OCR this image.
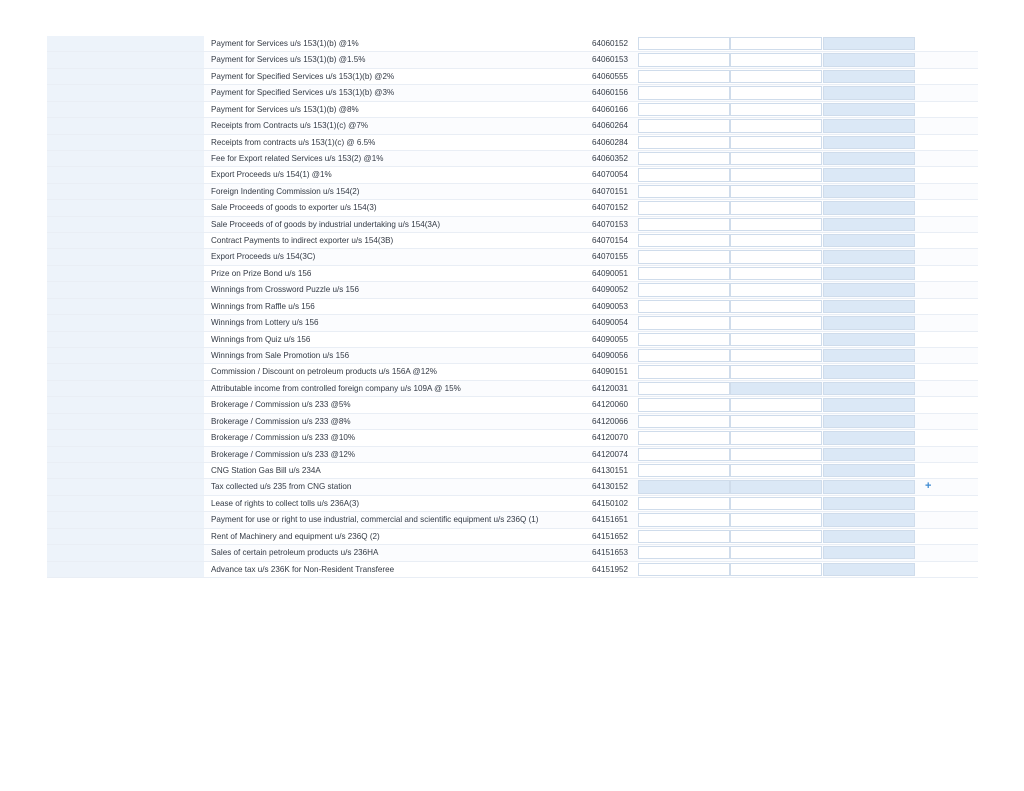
Payment for Services u/s 153(1)(b) @1%	64060152
Payment for Services u/s 153(1)(b) @1.5%	64060153
Payment for Specified Services u/s 153(1)(b) @2%	64060555
Payment for Specified Services u/s 153(1)(b) @3%	64060156
Payment for Services u/s 153(1)(b) @8%	64060166
Receipts from Contracts u/s 153(1)(c) @7%	64060264
Receipts from contracts u/s 153(1)(c) @ 6.5%	64060284
Fee for Export related Services u/s 153(2) @1%	64060352
Export Proceeds u/s 154(1) @1%	64070054
Foreign Indenting Commission u/s 154(2)	64070151
Sale Proceeds of goods to exporter u/s 154(3)	64070152
Sale Proceeds of of goods by industrial undertaking u/s 154(3A)	64070153
Contract Payments to indirect exporter u/s 154(3B)	64070154
Export Proceeds u/s 154(3C)	64070155
Prize on Prize Bond u/s 156	64090051
Winnings from Crossword Puzzle u/s 156	64090052
Winnings from Raffle u/s 156	64090053
Winnings from Lottery u/s 156	64090054
Winnings from Quiz u/s 156	64090055
Winnings from Sale Promotion u/s 156	64090056
Commission / Discount on petroleum products u/s 156A @12%	64090151
Attributable income from controlled foreign company u/s 109A @ 15%	64120031
Brokerage / Commission u/s 233 @5%	64120060
Brokerage / Commission u/s 233 @8%	64120066
Brokerage / Commission u/s 233 @10%	64120070
Brokerage / Commission u/s 233 @12%	64120074
CNG Station Gas Bill u/s 234A	64130151
Tax collected u/s 235 from CNG station	64130152	+
Lease of rights to collect tolls u/s 236A(3)	64150102
Payment for use or right to use industrial, commercial and scientific equipment u/s 236Q (1)	64151651
Rent of Machinery and equipment u/s 236Q (2)	64151652
Sales of certain petroleum products u/s 236HA	64151653
Advance tax u/s 236K for Non-Resident Transferee	64151952
